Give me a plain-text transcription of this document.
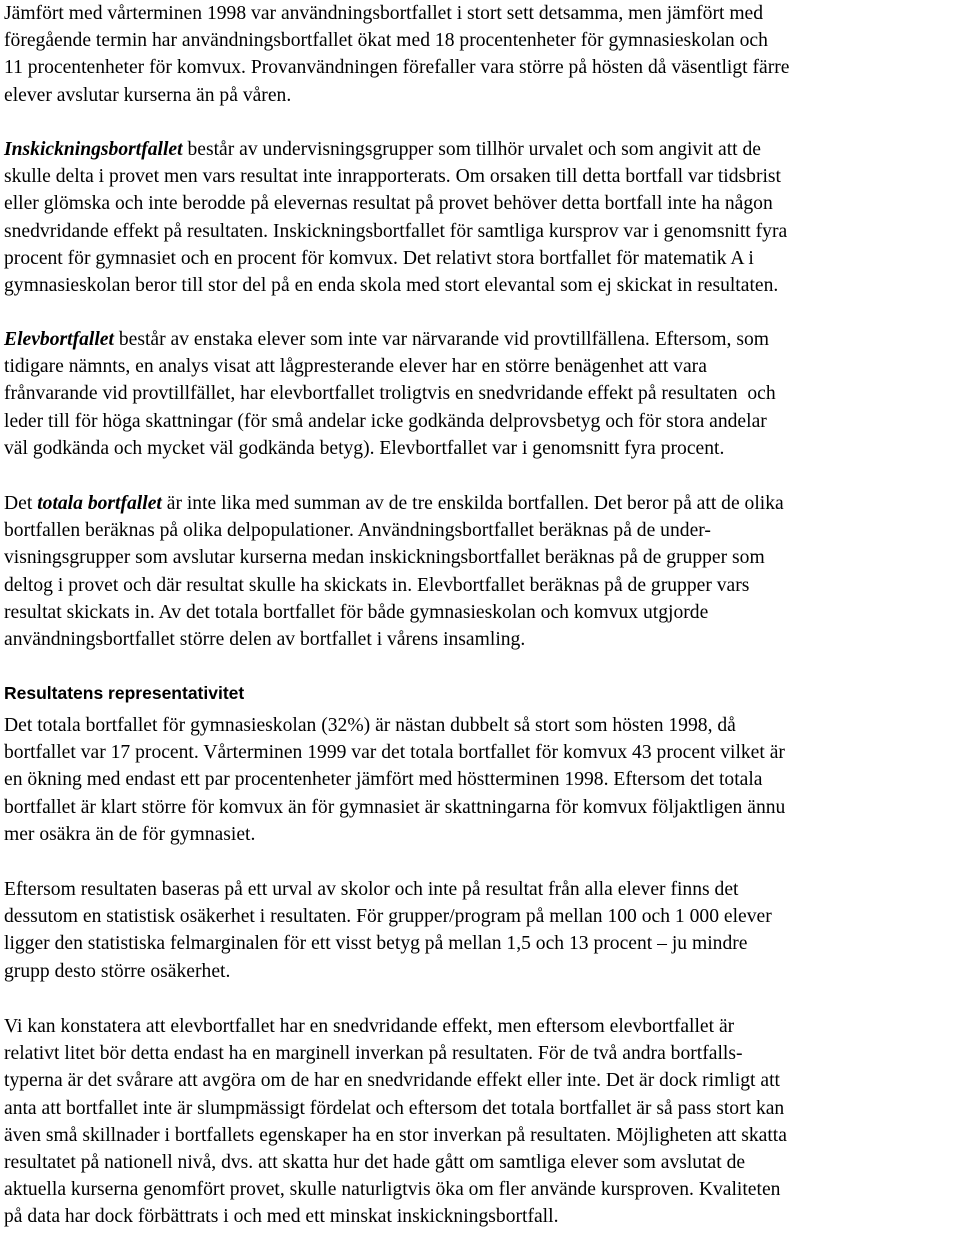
Jämfört med vårterminen 1998 var användningsbortfallet i stort sett detsamma, men jämfört med
föregående termin har användningsbortfallet ökat med 18 procentenheter för gymnasieskolan och
11 procentenheter för komvux. Provanvändningen förefaller vara större på hösten då väsentligt färre
elever avslutar kurserna än på våren.
Inskickningsbortfallet består av undervisningsgrupper som tillhör urvalet och som angivit att de
skulle delta i provet men vars resultat inte inrapporterats. Om orsaken till detta bortfall var tidsbrist
eller glömska och inte berodde på elevernas resultat på provet behöver detta bortfall inte ha någon
snedvridande effekt på resultaten. Inskickningsbortfallet för samtliga kursprov var i genomsnitt fyra
procent för gymnasiet och en procent för komvux. Det relativt stora bortfallet för matematik A i
gymnasieskolan beror till stor del på en enda skola med stort elevantal som ej skickat in resultaten.
Elevbortfallet består av enstaka elever som inte var närvarande vid provtillfällena. Eftersom, som
tidigare nämnts, en analys visat att lågpresterande elever har en större benägenhet att vara
frånvarande vid provtillfället, har elevbortfallet troligtvis en snedvridande effekt på resultaten  och
leder till för höga skattningar (för små andelar icke godkända delprovsbetyg och för stora andelar
väl godkända och mycket väl godkända betyg). Elevbortfallet var i genomsnitt fyra procent.
Det totala bortfallet är inte lika med summan av de tre enskilda bortfallen. Det beror på att de olika
bortfallen beräknas på olika delpopulationer. Användningsbortfallet beräknas på de under-
visningsgrupper som avslutar kurserna medan inskickningsbortfallet beräknas på de grupper som
deltog i provet och där resultat skulle ha skickats in. Elevbortfallet beräknas på de grupper vars
resultat skickats in. Av det totala bortfallet för både gymnasieskolan och komvux utgjorde
användningsbortfallet större delen av bortfallet i vårens insamling.
Resultatens representativitet
Det totala bortfallet för gymnasieskolan (32%) är nästan dubbelt så stort som hösten 1998, då
bortfallet var 17 procent. Vårterminen 1999 var det totala bortfallet för komvux 43 procent vilket är
en ökning med endast ett par procentenheter jämfört med höstterminen 1998. Eftersom det totala
bortfallet är klart större för komvux än för gymnasiet är skattningarna för komvux följaktligen ännu
mer osäkra än de för gymnasiet.
Eftersom resultaten baseras på ett urval av skolor och inte på resultat från alla elever finns det
dessutom en statistisk osäkerhet i resultaten. För grupper/program på mellan 100 och 1 000 elever
ligger den statistiska felmarginalen för ett visst betyg på mellan 1,5 och 13 procent – ju mindre
grupp desto större osäkerhet.
Vi kan konstatera att elevbortfallet har en snedvridande effekt, men eftersom elevbortfallet är
relativt litet bör detta endast ha en marginell inverkan på resultaten. För de två andra bortfalls-
typerna är det svårare att avgöra om de har en snedvridande effekt eller inte. Det är dock rimligt att
anta att bortfallet inte är slumpmässigt fördelat och eftersom det totala bortfallet är så pass stort kan
även små skillnader i bortfallets egenskaper ha en stor inverkan på resultaten. Möjligheten att skatta
resultatet på nationell nivå, dvs. att skatta hur det hade gått om samtliga elever som avslutat de
aktuella kurserna genomfört provet, skulle naturligtvis öka om fler använde kursproven. Kvaliteten
på data har dock förbättrats i och med ett minskat inskickningsbortfall.
